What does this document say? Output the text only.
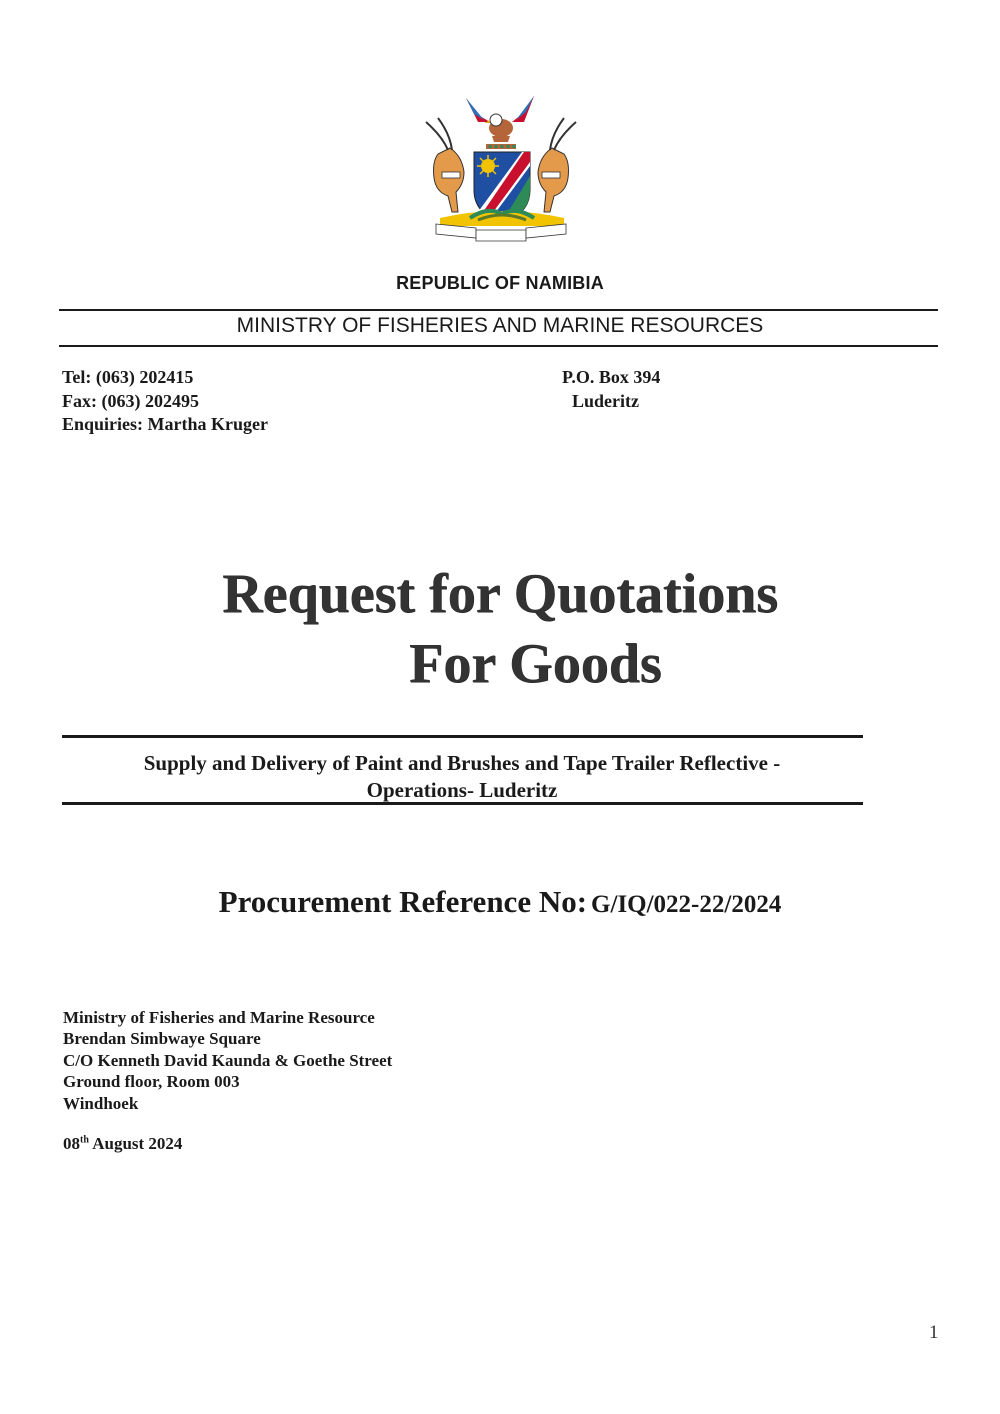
REPUBLIC OF NAMIBIA
MINISTRY OF FISHERIES AND MARINE RESOURCES
Tel: (063) 202415
Fax: (063) 202495
Enquiries: Martha Kruger
P.O. Box 394
Luderitz
Request for Quotations
For Goods
Supply and Delivery of Paint and Brushes and Tape Trailer Reflective -
Operations- Luderitz
Procurement Reference No: G/IQ/022-22/2024
Ministry of Fisheries and Marine Resource
Brendan Simbwaye Square
C/O Kenneth David Kaunda & Goethe Street
Ground floor, Room 003
Windhoek
08th August 2024
1
